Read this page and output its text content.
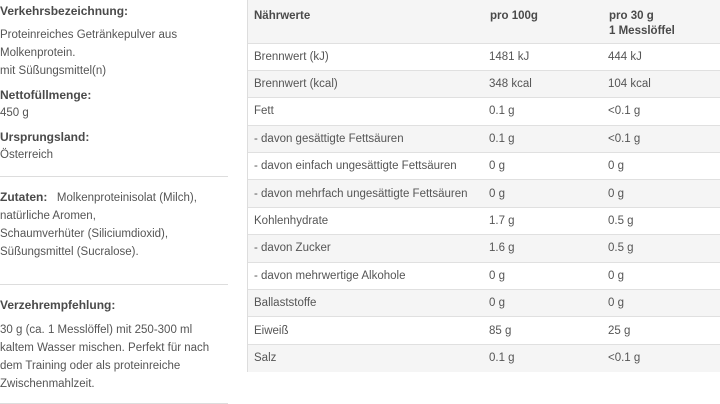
Verkehrsbezeichnung:
Proteinreiches Getränkepulver aus
Molkenprotein.
mit Süßungsmittel(n)
Nettofüllmenge:
450 g
Ursprungsland:
Österreich
Zutaten: Molkenproteinisolat (Milch),
natürliche Aromen,
Schaumverhüter (Siliciumdioxid),
Süßungsmittel (Sucralose).
Verzehrempfehlung:
30 g (ca. 1 Messlöffel) mit 250-300 ml
kaltem Wasser mischen. Perfekt für nach
dem Training oder als proteinreiche
Zwischenmahlzeit.
Nährwerte	pro 100g	pro 30 g
1 Messlöffel

Brennwert (kJ)	1481 kJ	444 kJ
Brennwert (kcal)	348 kcal	104 kcal
Fett	0.1 g	<0.1 g
- davon gesättigte Fettsäuren	0.1 g	<0.1 g
- davon einfach ungesättigte Fettsäuren	0 g	0 g
- davon mehrfach ungesättigte Fettsäuren	0 g	0 g
Kohlenhydrate	1.7 g	0.5 g
- davon Zucker	1.6 g	0.5 g
- davon mehrwertige Alkohole	0 g	0 g
Ballaststoffe	0 g	0 g
Eiweiß	85 g	25 g
Salz	0.1 g	<0.1 g
